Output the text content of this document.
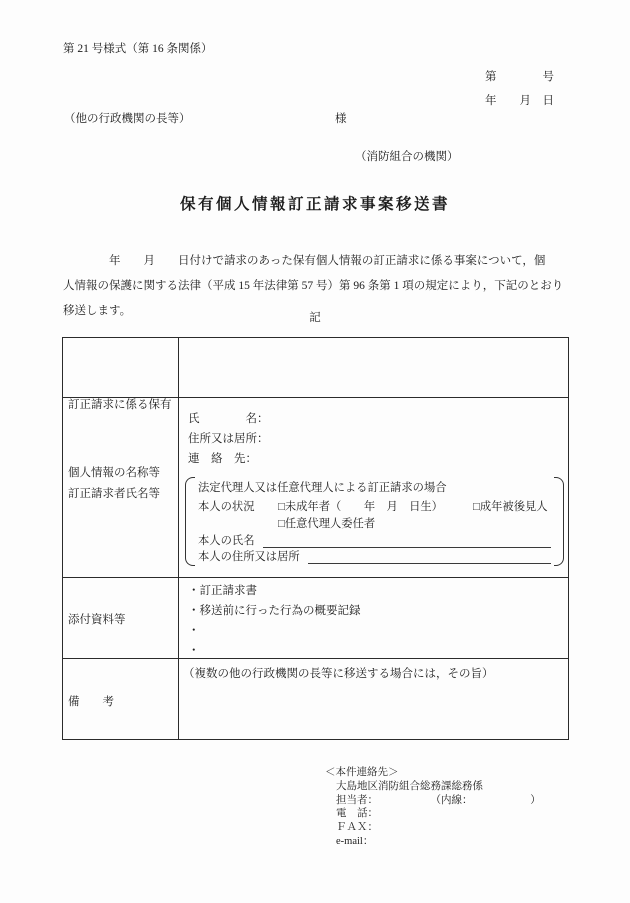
第 21 号様式（第 16 条関係）
第　　　　号
年　　月　日
（他の行政機関の長等）	様
（消防組合の機関）
保有個人情報訂正請求事案移送書
　　　　年　　月　　日付けで請求のあった保有個人情報の訂正請求に係る事案について，個
人情報の保護に関する法律（平成 15 年法律第 57 号）第 96 条第 1 項の規定により，下記のとおり
移送します。
記

訂正請求に係る保有

個人情報の名称等

訂正請求者氏名等
氏　　　　名：
住所又は居所：
連　絡　先：
法定代理人又は任意代理人による訂正請求の場合
本人の状況 □未成年者（　　年　月　日生）	□成年被後見人
□任意代理人委任者
本人の氏名
本人の住所又は居所
添付資料等
・訂正請求書
・移送前に行った行為の概要記録
・
・
備　　考
（複数の他の行政機関の長等に移送する場合には，その旨）
＜本件連絡先＞
大島地区消防組合総務課総務係
担当者：　　　　　　（内線：　　　　　　）
電　話：
ＦＡＸ：
e-mail：
